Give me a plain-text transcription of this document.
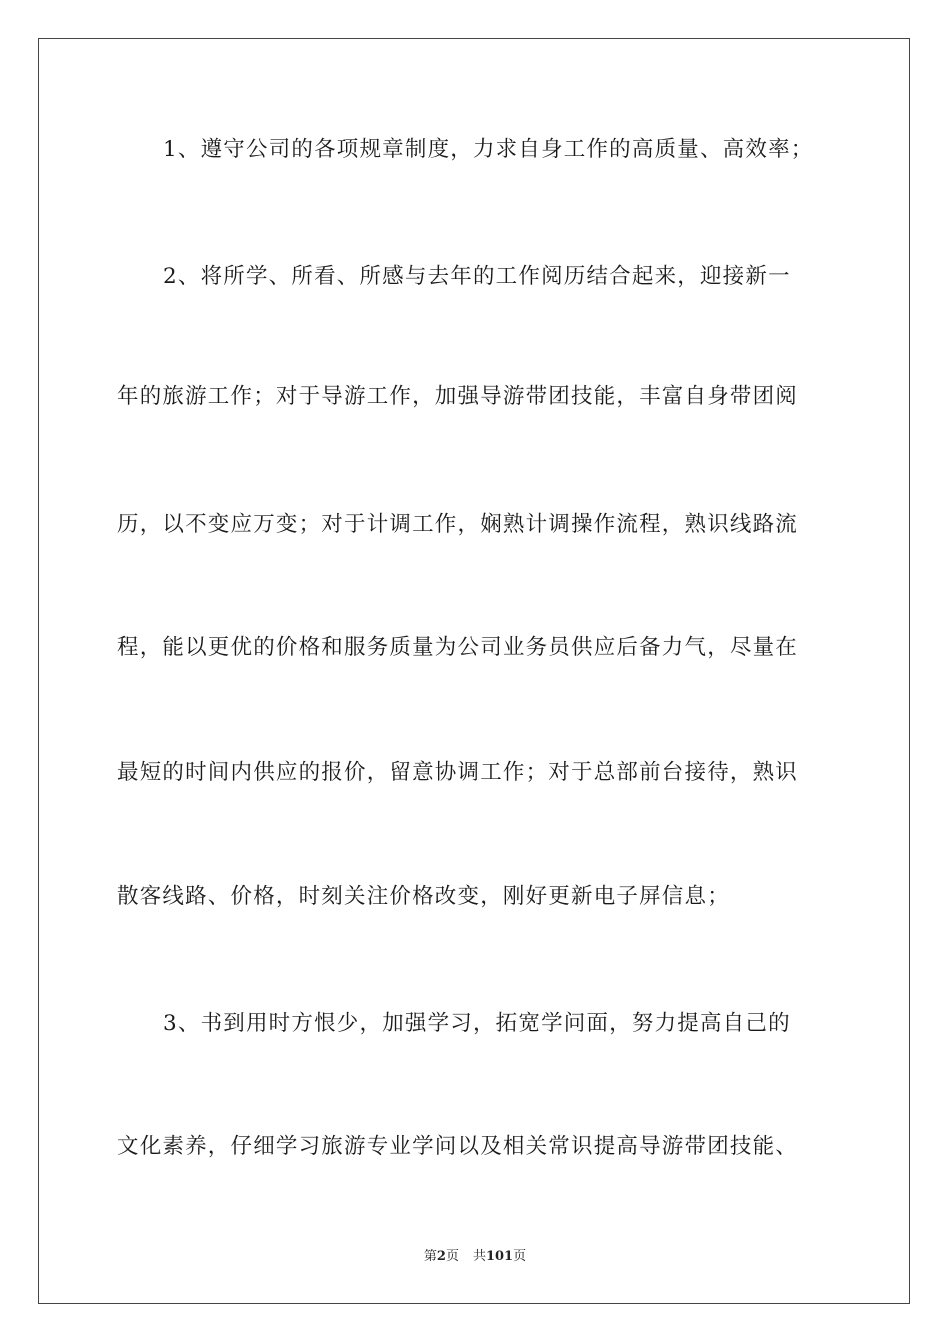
1、遵守公司的各项规章制度，力求自身工作的高质量、高效率；
2、将所学、所看、所感与去年的工作阅历结合起来，迎接新一
年的旅游工作；对于导游工作，加强导游带团技能，丰富自身带团阅
历，以不变应万变；对于计调工作，娴熟计调操作流程，熟识线路流
程，能以更优的价格和服务质量为公司业务员供应后备力气，尽量在
最短的时间内供应的报价，留意协调工作；对于总部前台接待，熟识
散客线路、价格，时刻关注价格改变，刚好更新电子屏信息；
3、书到用时方恨少，加强学习，拓宽学问面，努力提高自己的
文化素养，仔细学习旅游专业学问以及相关常识提高导游带团技能、
第2页 共101页
